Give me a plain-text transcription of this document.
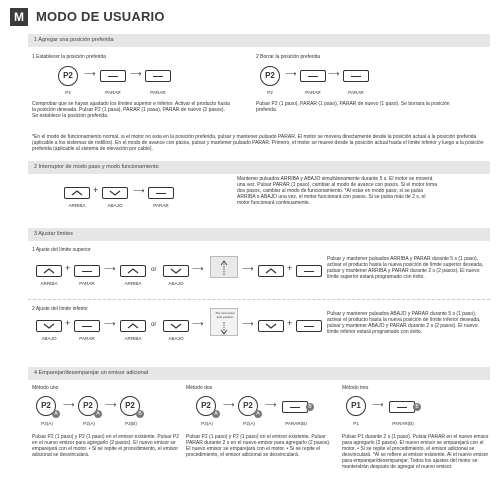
M MODO DE USUARIO
1 Agregar una posición preferida
1 Establecer la posición preferida
P2	⟶	⟶
P2	PARAR	PARAR
Comprobar que se hayan ajustado los límites superior e inferior. Activar el producto hasta la posición deseada. Pulsar P2 (1 pasa), PARAR (1 pasa), PARAR de nuevo (2 pasos). Se establece la posición preferida.
2 Borrar la posición preferida
P2	⟶	⟶
P2	PARAR	PARAR
Pulsar P2 (1 paso), PARAR (1 paso), PARAR de nuevo (1 paso). Se borrara la posición preferida.
*En el modo de funcionamiento normal, si el motor no esta en la posición preferida, pulsar y mantener pulsado PARAR. El motor se movera directamente desde la posición actual a la posición preferida (aplicable a los sistemas de rodillos). En el modo de avance con pasos, pulsar y mantener pulsado PARAR. Primero, el motor se mueve desde la posición actual hasta el límite inferior y luego a la posición preferida (aplicable al sistema de elevación por cable).
2 Interruptor de modo paso y modo funcionamiento
+	⟶
ARRIBA	ABAJO	PARAR
Mantener pulsados ARRIBA y ABAJO simultáneamente durante 5 s. El motor se moverá una vez. Pulsar PARAR (1 paso), cambiar al modo de avance con pasos. Si el motor toma dos pasos, cambiar al modo de funcionamiento. *Al estar en modo paso, si se pulsa ARRIBA o ABAJO una vez, el motor funcionará con pasos. Si se pulsa más de 2 s, el motor funcionará continuamente.
3 Ajustar límites
1 Ajuste del límite superior
+	⟶	or	⟶	⟶	+
ARRIBA	PARAR	ARRIBA	ABAJO
Pulsar y mantener pulsados ARRIBA y PARAR durante 5 s (1 paso), activar el producto hasta la nueva posición de límite superior deseada, pulsar y mantener ARRIBA y PARAR durante 2 s (2 pasos). El nuevo límite superior estará programado con éxito.
2 Ajuste del límite inferior
+	⟶	or	⟶
The new lower limit position
⟶	+
ABAJO	PARAR	ARRIBA	ABAJO
Pulsar y mantener pulsados ABAJO y PARAR durante 5 s (1 paso), activar el producto hasta la nueva posición de límite inferior deseada, pulsar y mantener ABAJO y PARAR durante 2 s (2 pasos). El nuevo límite inferior estará programado con éxito.
4 Emparejar/desemparejar un emisor adicional
Método uno
P2
A
⟶	P2
A
⟶	P2
B
P2(A)	P2(A)	P2(B)
Pulsar P2 (1 paso) y P2 (1 paso) en el emisor existente. Pulsar P2 en el nuevo emisor para agregarlo (2 pasos). El nuevo emisor se emparejará con el motor. • Si se repite el procedimiento, el emisor adicional se desvinculará.
Método dos
P2
A
⟶	P2
A
⟶	B
P2(A)	P2(A)	PARAR(B)
Pulsar P2 (1 paso) y P2 (1 paso) en el emisor existente. Pulsar PARAR durante 2 s en el nuevo emisor para agregarlo (2 pasos). El nuevo emisor se emparejará con el motor. • Si se repite el procedimiento, el emisor adicional se desvinculará.
Método tres
P1	⟶	B
P1	PARAR(B)
Pulsar P1 durante 2 s (1 paso). Pulsar PARAR en el nuevo emisor para agregarlo (2 pasos). El nuevo emisor se emparejará con el motor. • Si se repite el procedimiento, el emisor adicional se desvinculará. *Al se refiere al emisor existente. Al el nuevo emisor para emparejar/desemparejar. Todos los ajustes del motor se mantendrán después de agregar el nuevo emisor.
